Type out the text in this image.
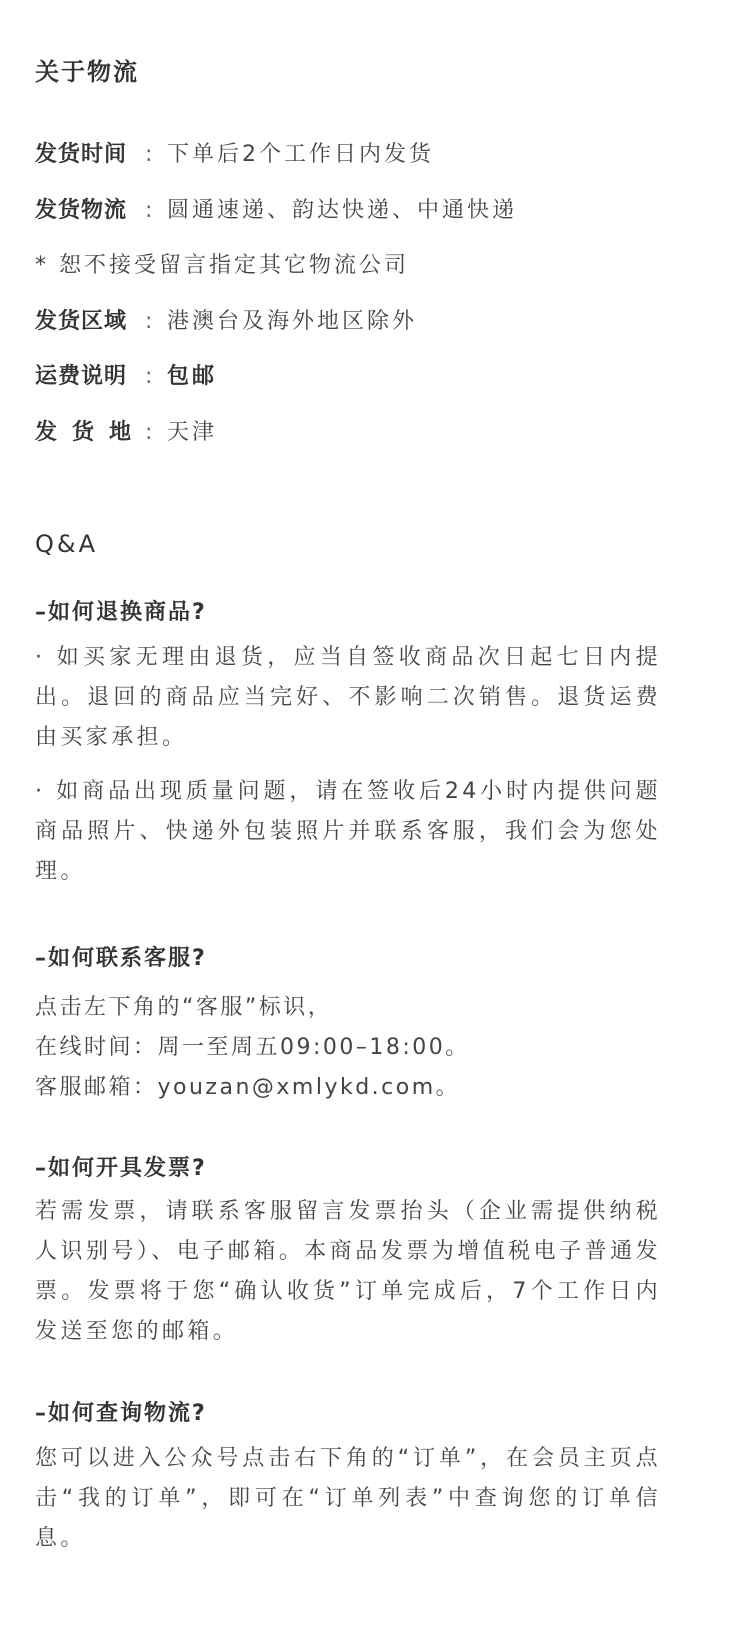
关于物流
发货时间 : 下单后2个工作日内发货
发货物流 : 圆通速递、韵达快递、中通快递
* 恕不接受留言指定其它物流公司
发货区域 : 港澳台及海外地区除外
运费说明 : 包邮
发货地: 天津
Q&A
–如何退换商品?
· 如买家无理由退货，应当自签收商品次日起七日内提出。退回的商品应当完好、不影响二次销售。退货运费由买家承担。
· 如商品出现质量问题，请在签收后24小时内提供问题商品照片、快递外包装照片并联系客服，我们会为您处理。
–如何联系客服?
点击左下角的“客服”标识，
在线时间：周一至周五09:00–18:00。
客服邮箱：youzan@xmlykd.com。
–如何开具发票?
若需发票，请联系客服留言发票抬头（企业需提供纳税人识别号）、电子邮箱。本商品发票为增值税电子普通发票。发票将于您“确认收货”订单完成后，7个工作日内发送至您的邮箱。
–如何查询物流?
您可以进入公众号点击右下角的“订单”，在会员主页点击“我的订单”，即可在“订单列表”中查询您的订单信息。
